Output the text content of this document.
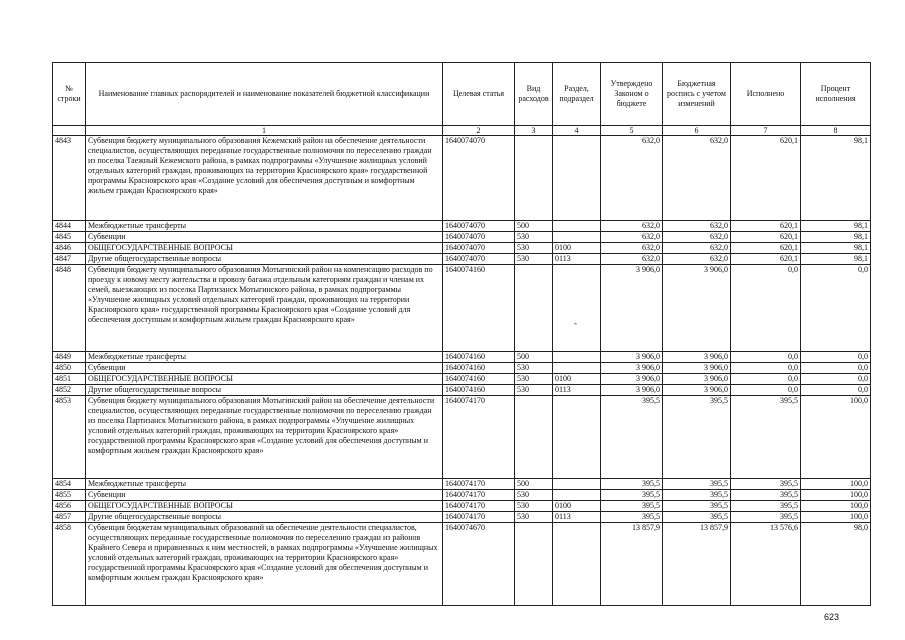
№ строки	Наименование главных распорядителей и наименование показателей бюджетной классификации	Целевая статья	Вид расходов	Раздел, подраздел	Утверждено Законом о бюджете	Бюджетная роспись с учетом изменений	Исполнено	Процент исполнения
	1	2	3	4	5	6	7	8
4843	Субвенция бюджету муниципального образования Кежемский район на обеспечение деятельности специалистов, осуществляющих переданные государственные полномочия по переселению граждан из поселка Таежный Кежемского района, в рамках подпрограммы «Улучшение жилищных условий отдельных категорий граждан, проживающих на территории Красноярского края» государственной программы Красноярского края «Создание условий для обеспечения доступным и комфортным жильем граждан Красноярского края»	1640074070			632,0	632,0	620,1	98,1
4844	Межбюджетные трансферты	1640074070	500		632,0	632,0	620,1	98,1
4845	Субвенции	1640074070	530		632,0	632,0	620,1	98,1
4846	ОБЩЕГОСУДАРСТВЕННЫЕ ВОПРОСЫ	1640074070	530	0100	632,0	632,0	620,1	98,1
4847	Другие общегосударственные вопросы	1640074070	530	0113	632,0	632,0	620,1	98,1
4848	Субвенция бюджету муниципального образования Мотыгинский район на компенсацию расходов по проезду к новому месту жительства и провозу багажа отдельным категориям граждан и членам их семей, выезжающих из поселка Партизанск Мотыгинского района, в рамках подпрограммы «Улучшение жилищных условий отдельных категорий граждан, проживающих на территории Красноярского края» государственной программы Красноярского края «Создание условий для обеспечения доступным и комфортным жильем граждан Красноярского края»	1640074160			3 906,0	3 906,0	0,0	0,0
4849	Межбюджетные трансферты	1640074160	500		3 906,0	3 906,0	0,0	0,0
4850	Субвенции	1640074160	530		3 906,0	3 906,0	0,0	0,0
4851	ОБЩЕГОСУДАРСТВЕННЫЕ ВОПРОСЫ	1640074160	530	0100	3 906,0	3 906,0	0,0	0,0
4852	Другие общегосударственные вопросы	1640074160	530	0113	3 906,0	3 906,0	0,0	0,0
4853	Субвенция бюджету муниципального образования Мотыгинский район на обеспечение деятельности специалистов, осуществляющих переданные государственные полномочия по переселению граждан из поселка Партизанск Мотыгинского района, в рамках подпрограммы «Улучшение жилищных условий отдельных категорий граждан, проживающих на территории Красноярского края» государственной программы Красноярского края «Создание условий для обеспечения доступным и комфортным жильем граждан Красноярского края»	1640074170			395,5	395,5	395,5	100,0
4854	Межбюджетные трансферты	1640074170	500		395,5	395,5	395,5	100,0
4855	Субвенции	1640074170	530		395,5	395,5	395,5	100,0
4856	ОБЩЕГОСУДАРСТВЕННЫЕ ВОПРОСЫ	1640074170	530	0100	395,5	395,5	395,5	100,0
4857	Другие общегосударственные вопросы	1640074170	530	0113	395,5	395,5	395,5	100,0
4858	Субвенция бюджетам муниципальных образований на обеспечение деятельности специалистов, осуществляющих переданные государственные полномочия по переселению граждан из районов Крайнего Севера и приравненных к ним местностей, в рамках подпрограммы «Улучшение жилищных условий отдельных категорий граждан, проживающих на территории Красноярского края» государственной программы Красноярского края «Создание условий для обеспечения доступным и комфортным жильем граждан Красноярского края»	1640074670			13 857,9	13 857,9	13 576,6	98,0
-
623
